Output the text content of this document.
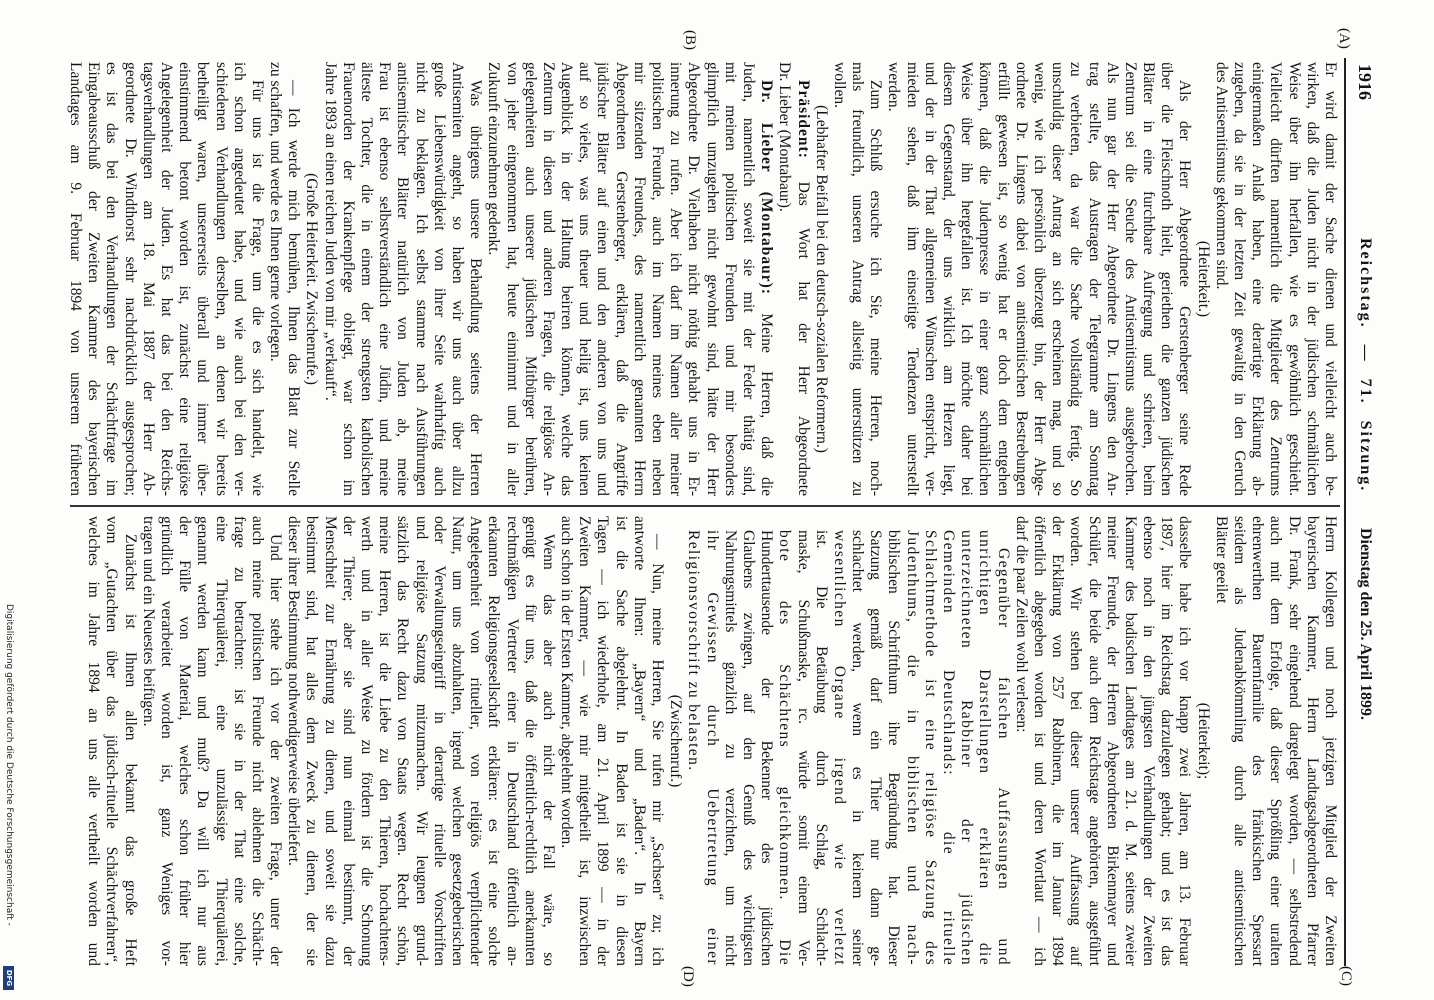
1916
Reichstag. — 71. Sitzung.
Dienstag den 25. April 1899.
(A)
(B)
(C)
(D)
Er wird damit der Sache dienen und vielleicht auch be-
wirken, daß die Juden nicht in der jüdischen schmählichen
Weise über ihn herfallen, wie es gewöhnlich geschieht.
Vielleicht dürften namentlich die Mitglieder des Zentrums
einigermaßen Anlaß haben, eine derartige Erklärung ab-
zugeben, da sie in der letzten Zeit gewaltig in den Geruch
des Antisemitismus gekommen sind.
(Heiterkeit.)
Als der Herr Abgeordnete Gerstenberger seine Rede
über die Fleischnoth hielt, geriethen die ganzen jüdischen
Blätter in eine furchtbare Aufregung und schrieen, beim
Zentrum sei die Seuche des Antisemitismus ausgebrochen.
Als nun gar der Herr Abgeordnete Dr. Lingens den An-
trag stellte, das Austragen der Telegramme am Sonntag
zu verbieten, da war die Sache vollständig fertig. So
unschuldig dieser Antrag an sich erscheinen mag, und so
wenig, wie ich persönlich überzeugt bin, der Herr Abge-
ordnete Dr. Lingens dabei von antisemitischen Bestrebungen
erfüllt gewesen ist, so wenig hat er doch dem entgehen
können, daß die Judenpresse in einer ganz schmählichen
Weise über ihn hergefallen ist. Ich möchte daher bei
diesem Gegenstand, der uns wirklich am Herzen liegt,
und der in der That allgemeinen Wünschen entspricht, ver-
mieden sehen, daß ihm einseitige Tendenzen unterstellt
werden.
Zum Schluß ersuche ich Sie, meine Herren, noch-
mals freundlich, unseren Antrag allseitig unterstützen zu
wollen.
(Lebhafter Beifall bei den deutsch-sozialen Reformern.)
Präsident: Das Wort hat der Herr Abgeordnete
Dr. Lieber (Montabaur).
Dr. Lieber (Montabaur): Meine Herren, daß die
Juden, namentlich soweit sie mit der Feder thätig sind,
mit meinen politischen Freunden und mir besonders
glimpflich umzugehen nicht gewohnt sind, hätte der Herr
Abgeordnete Dr. Vielhaben nicht nöthig gehabt uns in Er-
innerung zu rufen. Aber ich darf im Namen aller meiner
politischen Freunde, auch im Namen meines eben neben
mir sitzenden Freundes, des namentlich genannten Herrn
Abgeordneten Gerstenberger, erklären, daß die Angriffe
jüdischer Blätter auf einen und den anderen von uns und
auf so vieles, was uns theuer und heilig ist, uns keinen
Augenblick in der Haltung beirren können, welche das
Zentrum in diesen und anderen Fragen, die religiöse An-
gelegenheiten auch unserer jüdischen Mitbürger berühren,
von jeher eingenommen hat, heute einnimmt und in aller
Zukunft einzunehmen gedenkt.
Was übrigens unsere Behandlung seitens der Herren
Antisemiten angeht, so haben wir uns auch über allzu
große Liebenswürdigkeit von ihrer Seite wahrhaftig auch
nicht zu beklagen. Ich selbst stamme nach Ausführungen
antisemitischer Blätter natürlich von Juden ab, meine
Frau ist ebenso selbstverständlich eine Jüdin, und meine
älteste Tochter, die in einem der strengsten katholischen
Frauenorden der Krankenpflege obliegt, war schon im
Jahre 1893 an einen reichen Juden von mir „verkauft“.
(Große Heiterkeit. Zwischenrufe.)
— Ich werde mich bemühen, Ihnen das Blatt zur Stelle
zu schaffen, und werde es Ihnen gerne vorlegen.
Für uns ist die Frage, um die es sich handelt, wie
ich schon angedeutet habe, und wie auch bei den ver-
schiedenen Verhandlungen derselben, an denen wir bereits
betheiligt waren, unsererseits überall und immer über-
einstimmend betont worden ist, zunächst eine religiöse
Angelegenheit der Juden. Es hat das bei den Reichs-
tagsverhandlungen am 18. Mai 1887 der Herr Ab-
geordnete Dr. Windthorst sehr nachdrücklich ausgesprochen;
es ist das bei den Verhandlungen der Schächtfrage im
Eingabeausschuß der Zweiten Kammer des bayerischen
Landtages am 9. Februar 1894 von unserem früheren
Herrn Kollegen und noch jetzigen Mitglied der Zweiten
bayerischen Kammer, Herrn Landtagsabgeordneten Pfarrer
Dr. Frank, sehr eingehend dargelegt worden, — selbstredend
auch mit dem Erfolge, daß dieser Sprößling einer uralten
ehrenwerthen Bauernfamilie des fränkischen Spessart
seitdem als Judenabkömmling durch alle antisemitischen
Blätter geeilet
(Heiterkeit);
dasselbe habe ich vor knapp zwei Jahren, am 13. Februar
1897, hier im Reichstag darzulegen gehabt; und es ist das
ebenso noch in den jüngsten Verhandlungen der Zweiten
Kammer des badischen Landtages am 21. d. M. seitens zweier
meiner Freunde, der Herren Abgeordneten Birkenmayer und
Schüler, die beide auch dem Reichstage angehörten, ausgeführt
worden. Wir stehen bei dieser unserer Auffassung auf
der Erklärung von 257 Rabbinern, die im Januar 1894
öffentlich abgegeben worden ist und deren Wortlaut — ich
darf die paar Zeilen wohl verlesen:
Gegenüber falschen Auffassungen und
unrichtigen Darstellungen erklären die
unterzeichneten Rabbiner der jüdischen
Gemeinden Deutschlands: die rituelle
Schlachtmethode ist eine religiöse Satzung des
Judenthums, die in biblischen und nach-
biblischen Schriftthum ihre Begründung hat. Dieser
Satzung gemäß darf ein Thier nur dann ge-
schlachtet werden, wenn es in keinem seiner
wesentlichen Organe irgend wie verletzt
ist. Die Betäubung durch Schlag, Schlacht-
maske, Schußmaske, rc. würde somit einem Ver-
bote des Schächtens gleichkommen. Die
Hunderttausende der Bekenner des jüdischen
Glaubens zwingen, auf den Genuß des wichtigsten
Nahrungsmittels gänzlich zu verzichten, um nicht
ihr Gewissen durch Uebertretung einer
Religionsvorschrift zu belasten.
(Zwischenruf.)
— Nun, meine Herren, Sie rufen mir „Sachsen“ zu; ich
antworte Ihnen: „Bayern“ und „Baden“. In Bayern
ist die Sache abgelehnt. In Baden ist sie in diesen
Tagen — ich wiederhole, am 21. April 1899 — in der
Zweiten Kammer, — wie mir mitgetheilt ist, inzwischen
auch schon in der Ersten Kammer, abgelehnt worden.
Wenn das aber auch nicht der Fall wäre, so
genügt es für uns, daß die öffentlich-rechtlich anerkannten
rechtmäßigen Vertreter einer in Deutschland öffentlich an-
erkannten Religionsgesellschaft erklären: es ist eine solche
Angelegenheit von ritueller, von religiös verpflichtender
Natur, um uns abzuhalten, irgend welchen gesetzgeberischen
oder Verwaltungseingriff in derartige rituelle Vorschriften
und religiöse Satzung mitzumachen. Wir leugnen grund-
sätzlich das Recht dazu von Staats wegen. Recht schön,
meine Herren, ist die Liebe zu den Thieren, hochachtens-
werth und in aller Weise zu fördern ist die Schonung
der Thiere; aber sie sind nun einmal bestimmt, der
Menschheit zur Ernährung zu dienen, und soweit sie dazu
bestimmt sind, hat alles dem Zweck zu dienen, der sie
dieser ihrer Bestimmung nothwendigerweise überliefert.
Und hier stehe ich vor der zweiten Frage, unter der
auch meine politischen Freunde nicht ablehnen die Schächt-
frage zu betrachten: ist sie in der That eine solche,
eine Thierquälerei, eine unzulässige Thierquälerei,
genannt werden kann und muß? Da will ich nur aus
der Fülle von Material, welches schon früher hier
gründlich verarbeitet worden ist, ganz Weniges vor-
tragen und ein Neuestes beifügen.
Zunächst ist Ihnen allen bekannt das große Heft
vom „Gutachten über das jüdisch-rituelle Schächtverfahren“,
welches im Jahre 1894 an uns alle vertheilt worden und
Digitalisierung gefördert durch die Deutsche Forschungsgemeinschaft -
DFG
